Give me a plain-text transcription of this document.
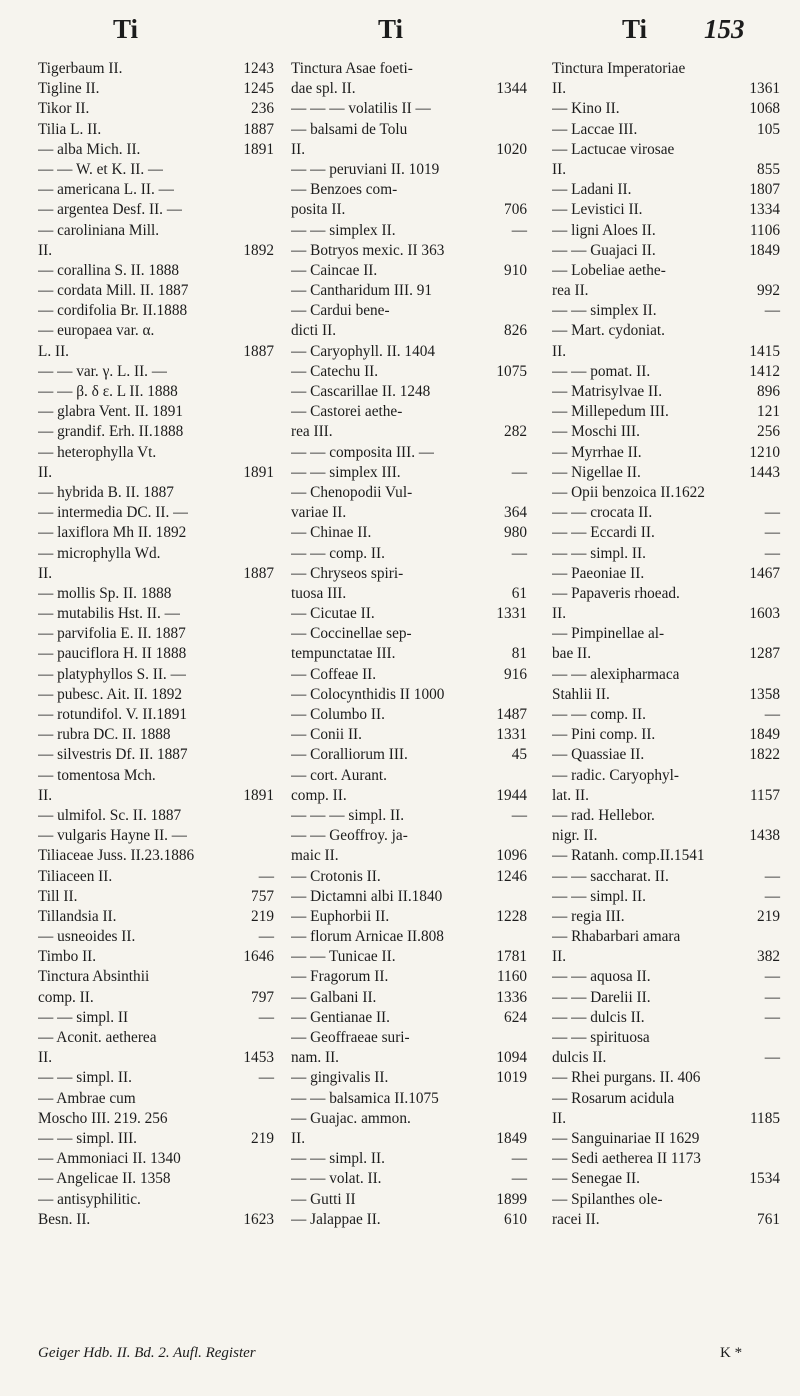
Ti	Ti	Ti 153
Tigerbaum II.	1243
Tigline II.	1245
Tikor II.	236
Tilia L. II.	1887
— alba Mich. II.	1891
— — W. et K. II. —
— americana L. II. —
— argentea Desf. II. —
— caroliniana Mill.
II.	1892
— corallina S. II. 1888
— cordata Mill. II. 1887
— cordifolia Br. II.1888
— europaea var. α.
L. II.	1887
— — var. γ. L. II. —
— — β. δ ε. L II. 1888
— glabra Vent. II. 1891
— grandif. Erh. II.1888
— heterophylla Vt.
II.	1891
— hybrida B. II. 1887
— intermedia DC. II. —
— laxiflora Mh II. 1892
— microphylla Wd.
II.	1887
— mollis Sp. II. 1888
— mutabilis Hst. II. —
— parvifolia E. II. 1887
— pauciflora H. II 1888
— platyphyllos S. II. —
— pubesc. Ait. II. 1892
— rotundifol. V. II.1891
— rubra DC. II. 1888
— silvestris Df. II. 1887
— tomentosa Mch.
II.	1891
— ulmifol. Sc. II. 1887
— vulgaris Hayne II. —
Tiliaceae Juss. II.23.1886
Tiliaceen II.	—
Till II.	757
Tillandsia II.	219
— usneoides II.	—
Timbo II.	1646
Tinctura Absinthii
comp. II.	797
— — simpl. II	—
— Aconit. aetherea
II.	1453
— — simpl. II.	—
— Ambrae cum
Moscho III. 219. 256
— — simpl. III.	219
— Ammoniaci II. 1340
— Angelicae II. 1358
— antisyphilitic.
Besn. II.	1623
Tinctura Asae foeti-
dae spl. II.	1344
— — — volatilis II —
— balsami de Tolu
II.	1020
— — peruviani II. 1019
— Benzoes com-
posita II.	706
— — simplex II.	—
— Botryos mexic. II 363
— Caincae II.	910
— Cantharidum III. 91
— Cardui bene-
dicti II.	826
— Caryophyll. II. 1404
— Catechu II.	1075
— Cascarillae II. 1248
— Castorei aethe-
rea III.	282
— — composita III. —
— — simplex III.	—
— Chenopodii Vul-
variae II.	364
— Chinae II.	980
— — comp. II.	—
— Chryseos spiri-
tuosa III.	61
— Cicutae II.	1331
— Coccinellae sep-
tempunctatae III.	81
— Coffeae II.	916
— Colocynthidis II 1000
— Columbo II.	1487
— Conii II.	1331
— Coralliorum III.	45
— cort. Aurant.
comp. II.	1944
— — — simpl. II.	—
— — Geoffroy. ja-
maic II.	1096
— Crotonis II.	1246
— Dictamni albi II.1840
— Euphorbii II.	1228
— florum Arnicae II.808
— — Tunicae II.	1781
— Fragorum II.	1160
— Galbani II.	1336
— Gentianae II.	624
— Geoffraeae suri-
nam. II.	1094
— gingivalis II.	1019
— — balsamica II.1075
— Guajac. ammon.
II.	1849
— — simpl. II.	—
— — volat. II.	—
— Gutti II	1899
— Jalappae II.	610
Tinctura Imperatoriae
II.	1361
— Kino II.	1068
— Laccae III.	105
— Lactucae virosae
II.	855
— Ladani II.	1807
— Levistici II.	1334
— ligni Aloes II.	1106
— — Guajaci II.	1849
— Lobeliae aethe-
rea II.	992
— — simplex II.	—
— Mart. cydoniat.
II.	1415
— — pomat. II.	1412
— Matrisylvae II.	896
— Millepedum III.	121
— Moschi III.	256
— Myrrhae II.	1210
— Nigellae II.	1443
— Opii benzoica II.1622
— — crocata II.	—
— — Eccardi II.	—
— — simpl. II.	—
— Paeoniae II.	1467
— Papaveris rhoead.
II.	1603
— Pimpinellae al-
bae II.	1287
— — alexipharmaca
Stahlii II.	1358
— — comp. II.	—
— Pini comp. II.	1849
— Quassiae II.	1822
— radic. Caryophyl-
lat. II.	1157
— rad. Hellebor.
nigr. II.	1438
— Ratanh. comp.II.1541
— — saccharat. II.	—
— — simpl. II.	—
— regia III.	219
— Rhabarbari amara
II.	382
— — aquosa II.	—
— — Darelii II.	—
— — dulcis II.	—
— — spirituosa
dulcis II.	—
— Rhei purgans. II. 406
— Rosarum acidula
II.	1185
— Sanguinariae II 1629
— Sedi aetherea II 1173
— Senegae II.	1534
— Spilanthes ole-
racei II.	761
Geiger Hdb. II. Bd. 2. Aufl. Register	K *
